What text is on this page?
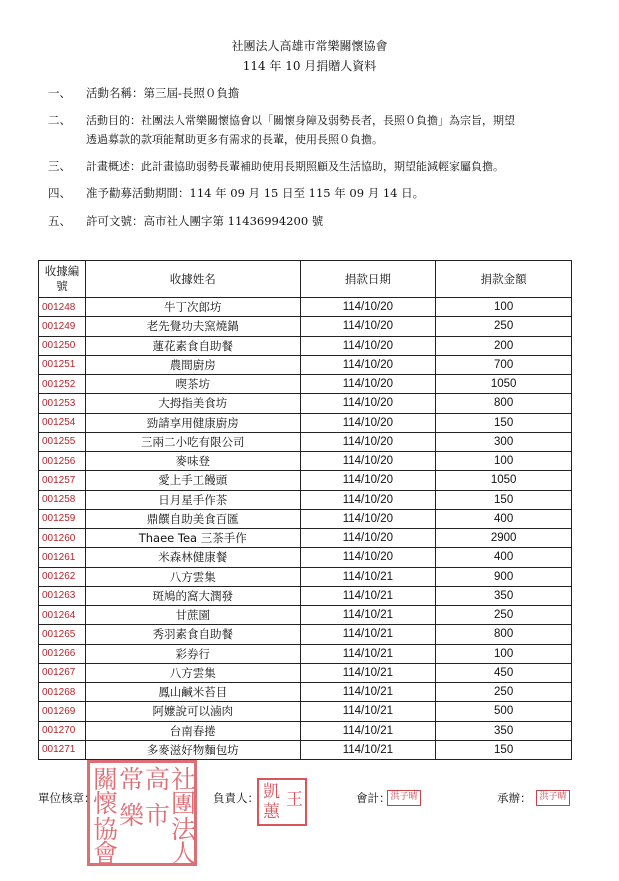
社團法人高雄市常樂關懷協會
114 年 10 月捐贈人資料
一、	活動名稱：第三屆-長照０負擔
二、	活動目的：社團法人常樂關懷協會以「關懷身障及弱勢長者，長照０負擔」為宗旨，期望
透過募款的款項能幫助更多有需求的長輩，使用長照０負擔。
三、	計畫概述：此計畫協助弱勢長輩補助使用長期照顧及生活協助，期望能減輕家屬負擔。
四、	准予勸募活動期間：114 年 09 月 15 日至 115 年 09 月 14 日。
五、	許可文號：高市社人團字第 11436994200 號
收據編號	收據姓名	捐款日期	捐款金額
001248	牛丁次郎坊	114/10/20	100
001249	老先覺功夫窯燒鍋	114/10/20	250
001250	蓮花素食自助餐	114/10/20	200
001251	農間廚房	114/10/20	700
001252	喫茶坊	114/10/20	1050
001253	大拇指美食坊	114/10/20	800
001254	勁請享用健康廚房	114/10/20	150
001255	三兩二小吃有限公司	114/10/20	300
001256	麥味登	114/10/20	100
001257	愛上手工饅頭	114/10/20	1050
001258	日月星手作茶	114/10/20	150
001259	鼎饌自助美食百匯	114/10/20	400
001260	Thaee Tea 三茶手作	114/10/20	2900
001261	米森林健康餐	114/10/20	400
001262	八方雲集	114/10/21	900
001263	斑鳩的窩大潤發	114/10/21	350
001264	甘蔗園	114/10/21	250
001265	秀羽素食自助餐	114/10/21	800
001266	彩券行	114/10/21	100
001267	八方雲集	114/10/21	450
001268	鳳山鹹米苔目	114/10/21	250
001269	阿嬤說可以滷肉	114/10/21	500
001270	台南春捲	114/10/21	350
001271	多麥滋好物麵包坊	114/10/21	150
單位核章：	負責人：	會計：	承辦：
洪子晴	洪子晴
關
懷
協
會
常
樂
高
市
社
團
法
人
凱
蕙
王
